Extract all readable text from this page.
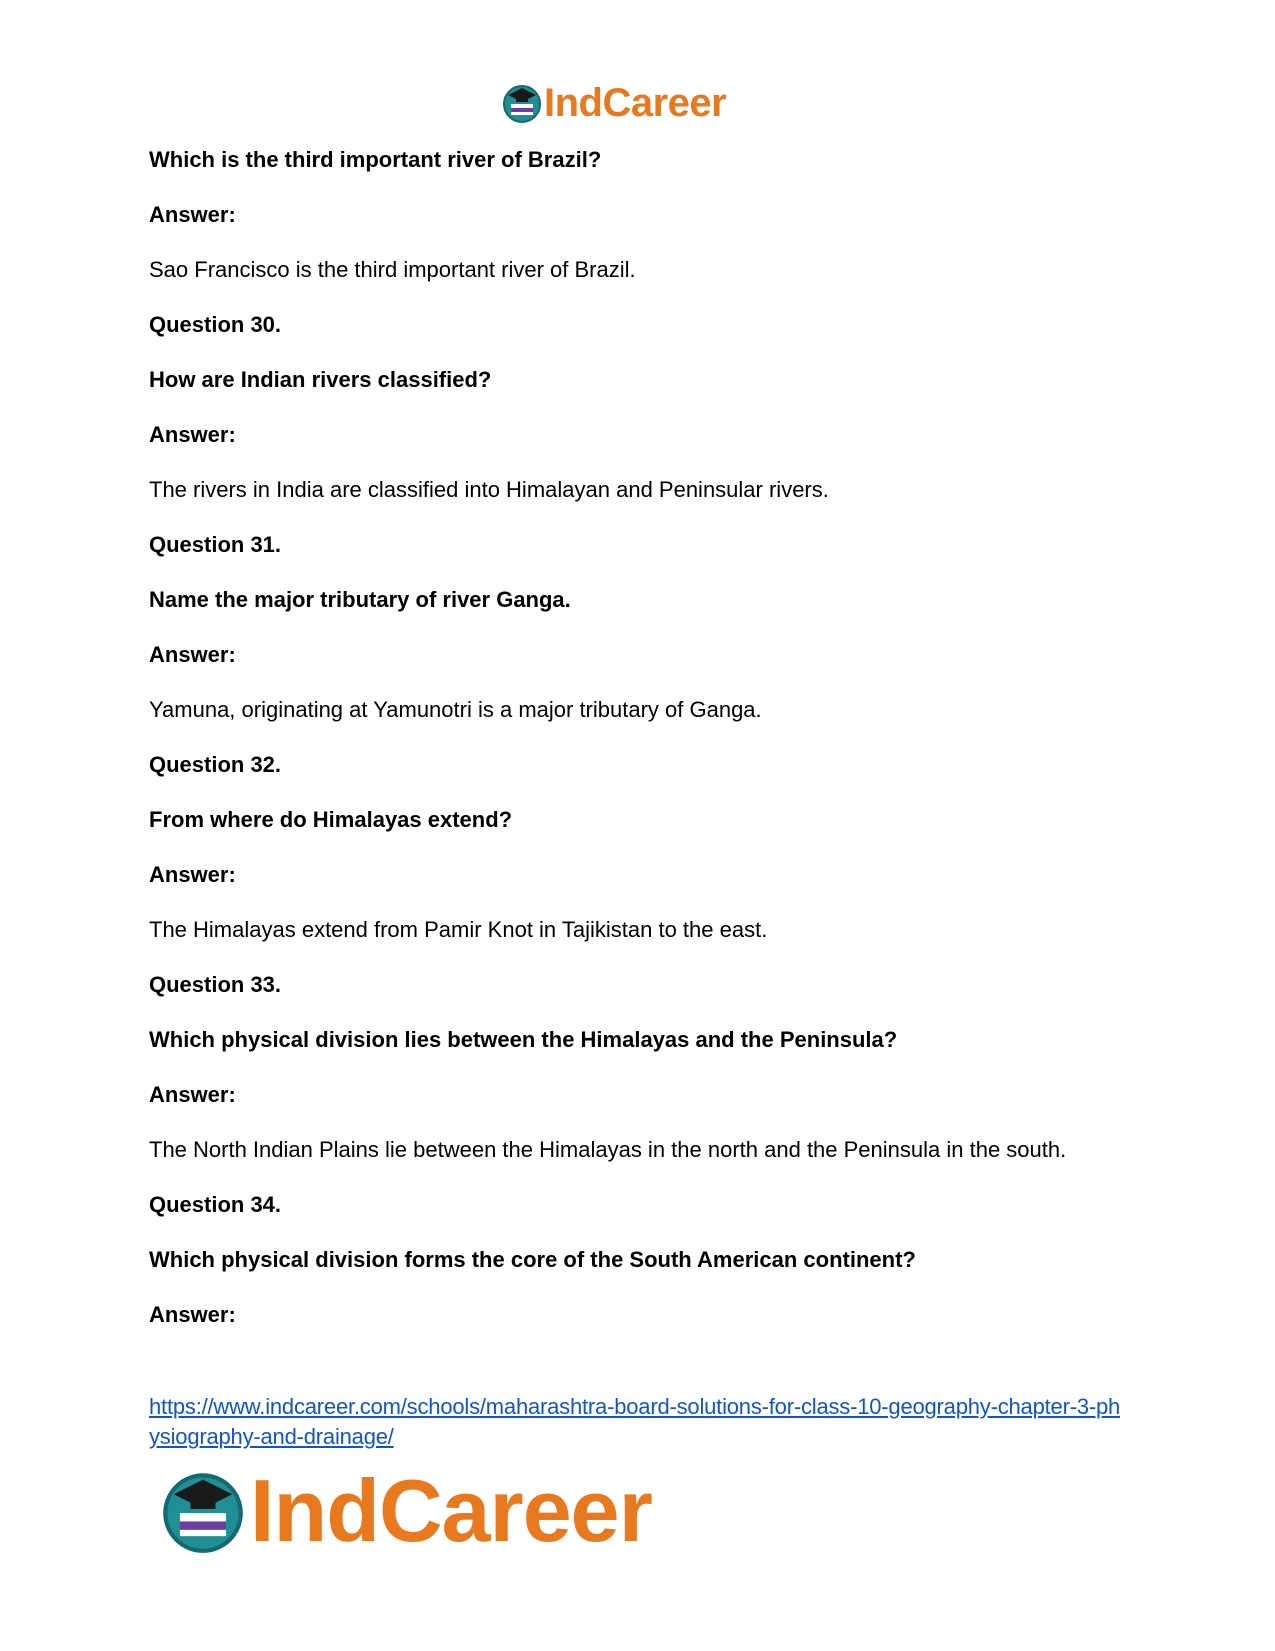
IndCareer

Which is the third important river of Brazil?

Answer:

Sao Francisco is the third important river of Brazil.

Question 30.

How are Indian rivers classified?

Answer:

The rivers in India are classified into Himalayan and Peninsular rivers.

Question 31.

Name the major tributary of river Ganga.

Answer:

Yamuna, originating at Yamunotri is a major tributary of Ganga.

Question 32.

From where do Himalayas extend?

Answer:

The Himalayas extend from Pamir Knot in Tajikistan to the east.

Question 33.

Which physical division lies between the Himalayas and the Peninsula?

Answer:

The North Indian Plains lie between the Himalayas in the north and the Peninsula in the south.

Question 34.

Which physical division forms the core of the South American continent?

Answer:

https://www.indcareer.com/schools/maharashtra-board-solutions-for-class-10-geography-chapter-3-physiography-and-drainage/
IndCareer
